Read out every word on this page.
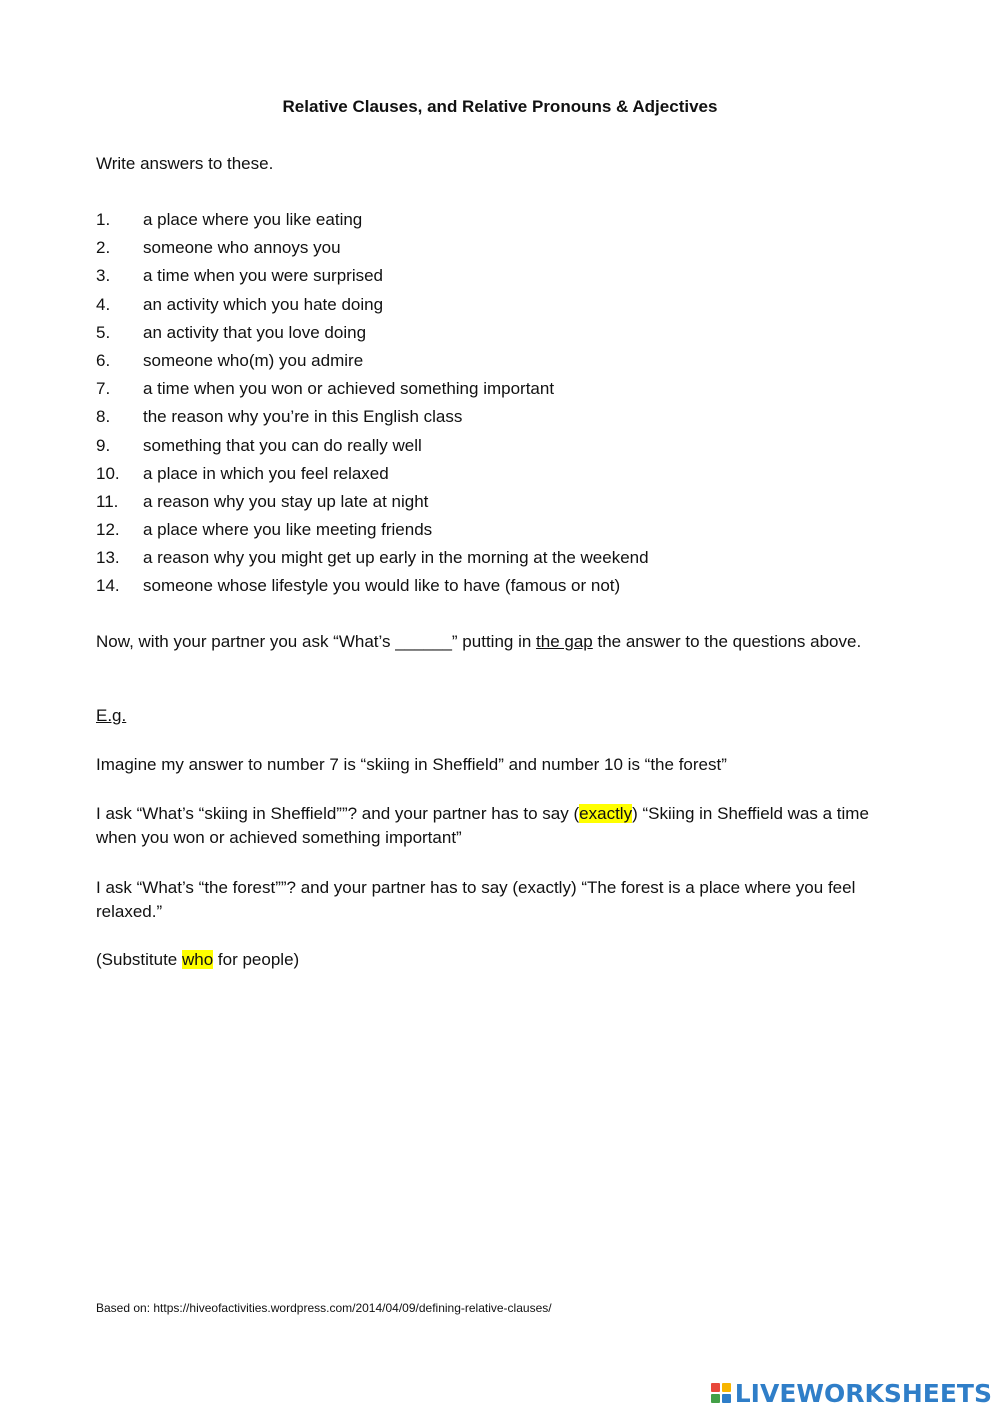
Relative Clauses, and Relative Pronouns & Adjectives
Write answers to these.
1.	a place where you like eating
2.	someone who annoys you
3.	a time when you were surprised
4.	an activity which you hate doing
5.	an activity that you love doing
6.	someone who(m) you admire
7.	a time when you won or achieved something important
8.	the reason why you’re in this English class
9.	something that you can do really well
10.	a place in which you feel relaxed
11.	a reason why you stay up late at night
12.	a place where you like meeting friends
13.	a reason why you might get up early in the morning at the weekend
14.	someone whose lifestyle you would like to have (famous or not)
Now, with your partner you ask “What’s ______” putting in the gap the answer to the questions above.
E.g.
Imagine my answer to number 7 is “skiing in Sheffield” and number 10 is “the forest”
I ask “What’s “skiing in Sheffield””? and your partner has to say (exactly) “Skiing in Sheffield was a time when you won or achieved something important”
I ask “What’s “the forest””? and your partner has to say (exactly) “The forest is a place where you feel relaxed.”
(Substitute who for people)
Based on: https://hiveofactivities.wordpress.com/2014/04/09/defining-relative-clauses/
LIVEWORKSHEETS
